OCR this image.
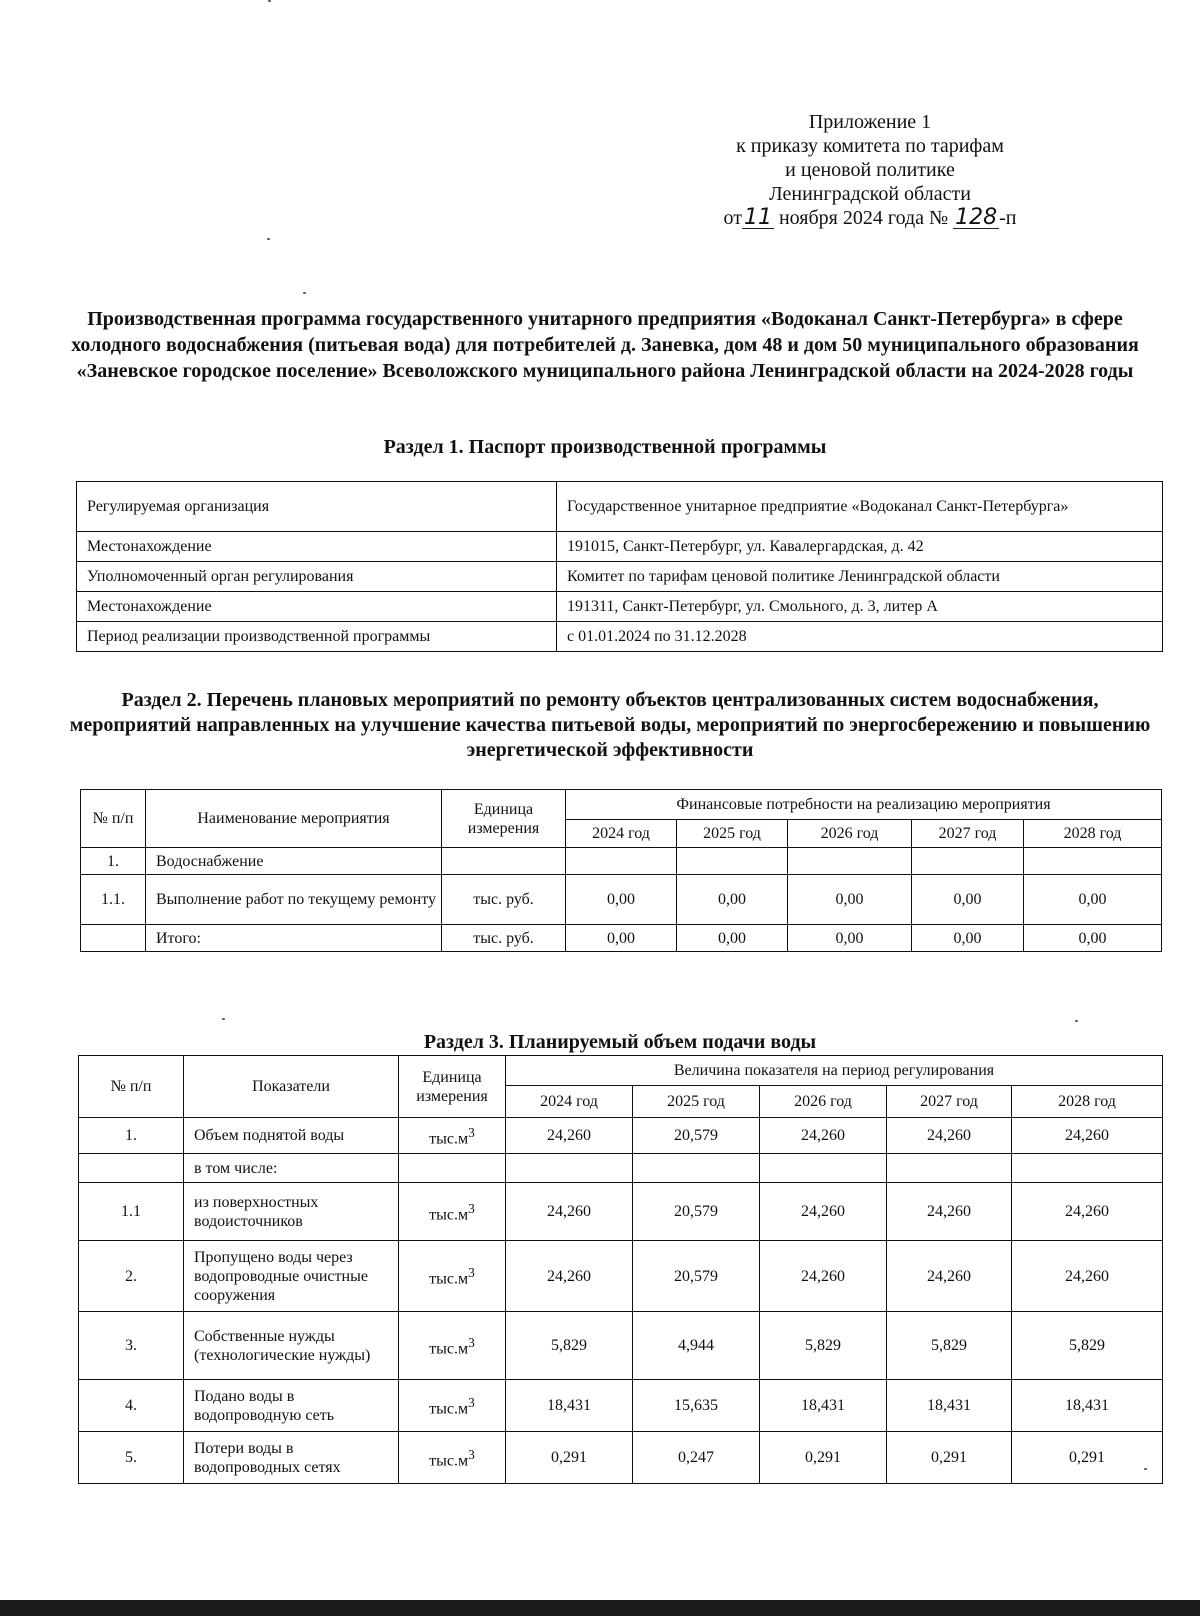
Приложение 1
к приказу комитета по тарифам
и ценовой политике
Ленинградской области
от11 ноября 2024 года № 128 -п
Производственная программа государственного унитарного предприятия «Водоканал Санкт-Петербурга» в сфере холодного водоснабжения (питьевая вода) для потребителей д. Заневка, дом 48 и дом 50 муниципального образования «Заневское городское поселение» Всеволожского муниципального района Ленинградской области на 2024-2028 годы
Раздел 1. Паспорт производственной программы
Регулируемая организация	Государственное унитарное предприятие «Водоканал Санкт-Петербурга»
Местонахождение	191015, Санкт-Петербург, ул. Кавалергардская, д. 42
Уполномоченный орган регулирования	Комитет по тарифам ценовой политике Ленинградской области
Местонахождение	191311, Санкт-Петербург, ул. Смольного, д. 3, литер А
Период реализации производственной программы	с 01.01.2024 по 31.12.2028
Раздел 2. Перечень плановых мероприятий по ремонту объектов централизованных систем водоснабжения, мероприятий направленных на улучшение качества питьевой воды, мероприятий по энергосбережению и повышению энергетической эффективности
№ п/п	Наименование мероприятия	Единица измерения	Финансовые потребности на реализацию мероприятия				
			2024 год	2025 год	2026 год	2027 год	2028 год
1.	Водоснабжение						
1.1.	Выполнение работ по текущему ремонту	тыс. руб.	0,00	0,00	0,00	0,00	0,00
	Итого:	тыс. руб.	0,00	0,00	0,00	0,00	0,00
Раздел 3. Планируемый объем подачи воды
№ п/п	Показатели	Единица измерения	Величина показателя на период регулирования				
			2024 год	2025 год	2026 год	2027 год	2028 год
1.	Объем поднятой воды	$тыс.м^3$	24,260	20,579	24,260	24,260	24,260
	в том числе:						
1.1	из поверхностных водоисточников	$тыс.м^3$	24,260	20,579	24,260	24,260	24,260
2.	Пропущено воды через водопроводные очистные сооружения	$тыс.м^3$	24,260	20,579	24,260	24,260	24,260
3.	Собственные нужды (технологические нужды)	$тыс.м^3$	5,829	4,944	5,829	5,829	5,829
4.	Подано воды в водопроводную сеть	$тыс.м^3$	18,431	15,635	18,431	18,431	18,431
5.	Потери воды в водопроводных сетях	$тыс.м^3$	0,291	0,247	0,291	0,291	0,291
